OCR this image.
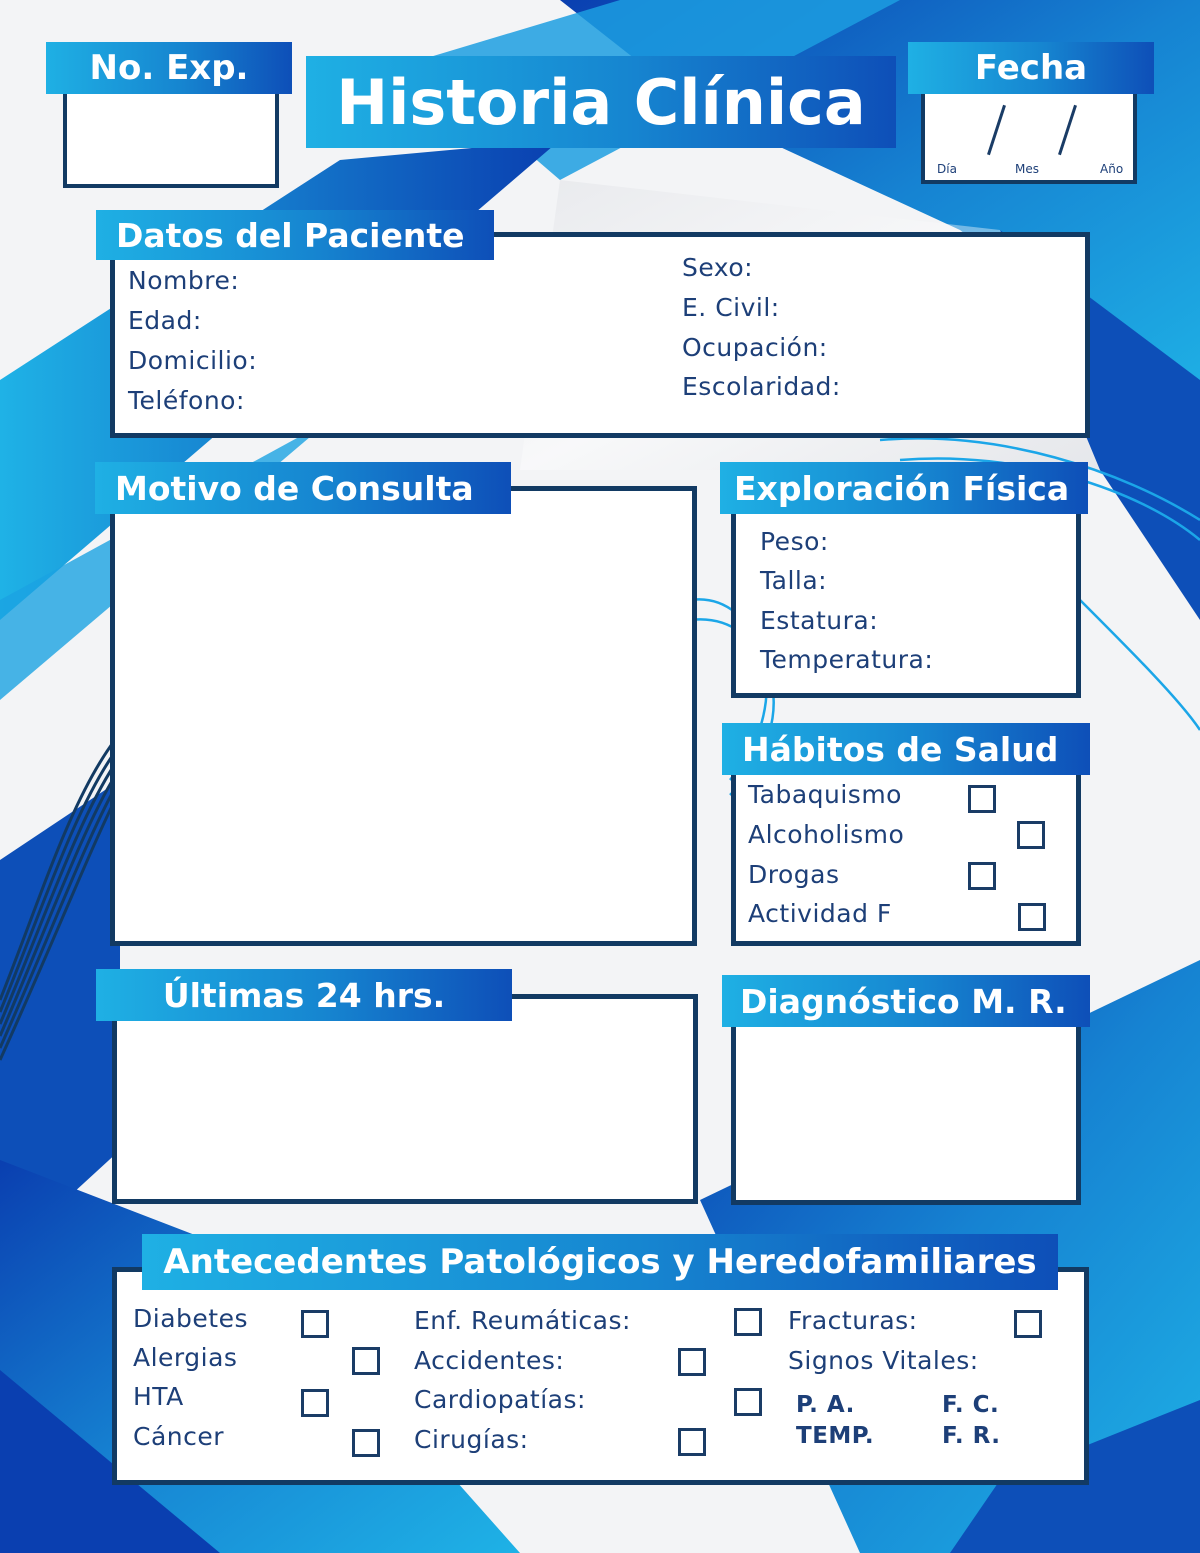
No. Exp. Historia Clínica	Fecha
Día	Mes	Año
Datos del Paciente
Nombre:
Edad:
Domicilio:
Teléfono:
Sexo:
E. Civil:
Ocupación:
Escolaridad:
Motivo de Consulta	Exploración Física
Peso:
Talla:
Estatura:
Temperatura:
Hábitos de Salud
Tabaquismo
Alcoholismo
Drogas
Actividad F
Últimas 24 hrs.	Diagnóstico M. R.
Antecedentes Patológicos y Heredofamiliares
Diabetes
Alergias
HTA
Cáncer
Enf. Reumáticas:
Accidentes:
Cardiopatías:
Cirugías:
Fracturas:
Signos Vitales:
P. A.	F. C.
TEMP.	F. R.
